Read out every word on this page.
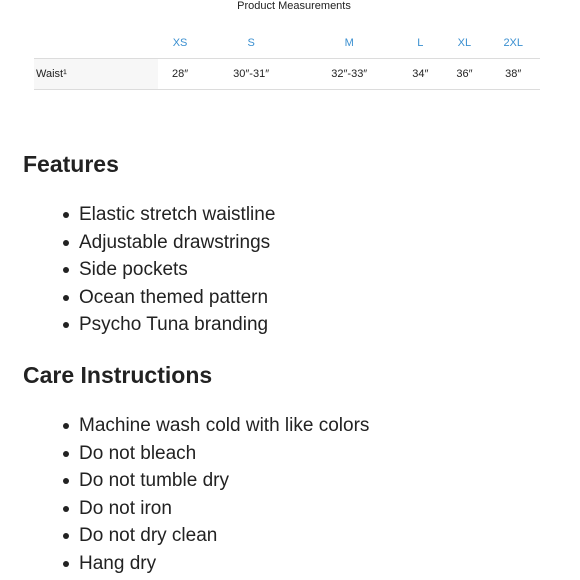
Product Measurements
	XS	S	M	L	XL	2XL
Waist¹	28″	30″-31″	32″-33″	34″	36″	38″
Features
Elastic stretch waistline
Adjustable drawstrings
Side pockets
Ocean themed pattern
Psycho Tuna branding
Care Instructions
Machine wash cold with like colors
Do not bleach
Do not tumble dry
Do not iron
Do not dry clean
Hang dry
